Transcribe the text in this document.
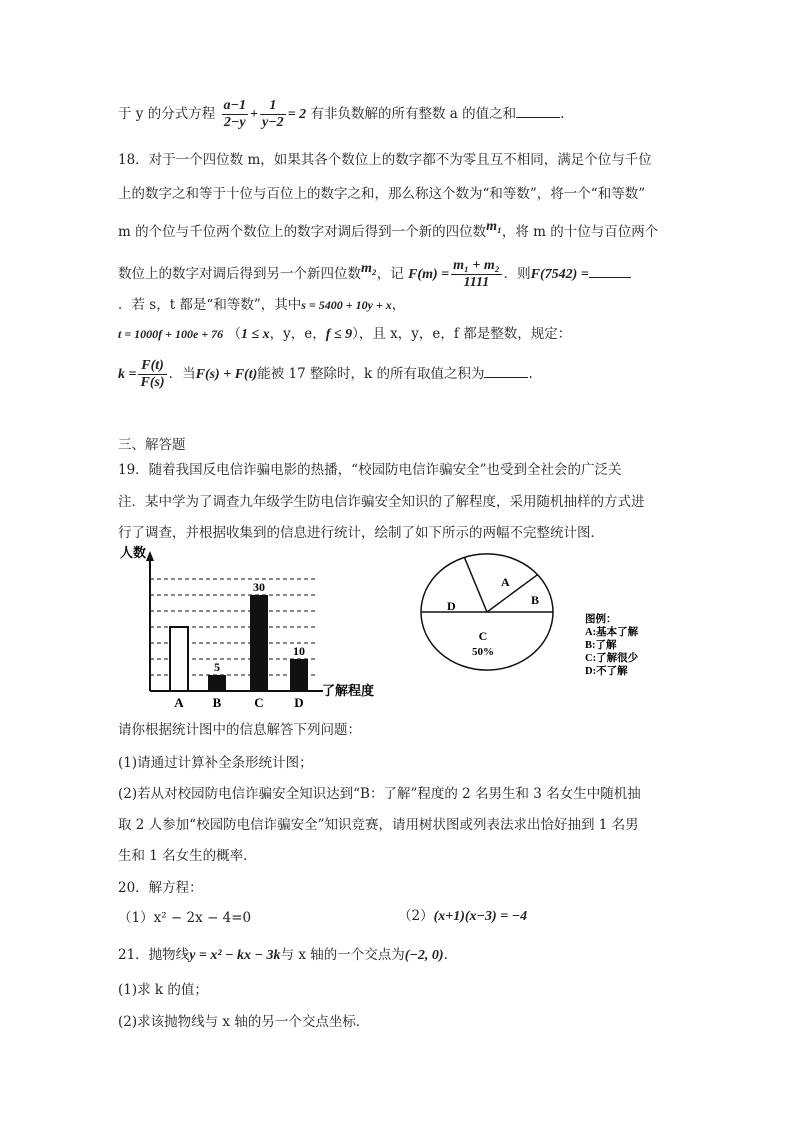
于 y 的分式方程 $\frac{a-1}{2-y} + \frac{1}{y-2} = 2$ 有非负数解的所有整数 a 的值之和	.
18．对于一个四位数 m，如果其各个数位上的数字都不为零且互不相同，满足个位与千位
上的数字之和等于十位与百位上的数字之和，那么称这个数为“和等数”，将一个“和等数”
m 的个位与千位两个数位上的数字对调后得到一个新的四位数m₁，将 m 的十位与百位两个
数位上的数字对调后得到另一个新四位数m₂，记 $F(m) = \frac{\text{m₁ + m₂}}{1111}$ ．则F(7542) =
．若 s，t 都是“和等数”，其中s = 5400 + 10y + x，
t = 1000f + 100e + 76 （1 ≤ x，y，e，f ≤ 9），且 x，y，e，f 都是整数，规定：
$k = \frac{F(t)}{F(s)}$ ．当F(s) + F(t)能被 17 整除时，k 的所有取值之积为	.
三、解答题
19．随着我国反电信诈骗电影的热播，“校园防电信诈骗安全”也受到全社会的广泛关
注．某中学为了调查九年级学生防电信诈骗安全知识的了解程度，采用随机抽样的方式进
行了调查，并根据收集到的信息进行统计，绘制了如下所示的两幅不完整统计图．
人数
了解程度
A
5
B
30
C
10
D
A
B
C
50%
D
图例：
A:基本了解
B:了解
C:了解很少
D:不了解
请你根据统计图中的信息解答下列问题：
(1)请通过计算补全条形统计图；
(2)若从对校园防电信诈骗安全知识达到“B：了解”程度的 2 名男生和 3 名女生中随机抽
取 2 人参加“校园防电信诈骗安全”知识竞赛，请用树状图或列表法求出恰好抽到 1 名男
生和 1 名女生的概率．
20．解方程：
（1）x² − 2x − 4=0	（2）(x+1)(x−3) = −4
21．抛物线y = x² − kx − 3k与 x 轴的一个交点为(−2, 0).
(1)求 k 的值；
(2)求该抛物线与 x 轴的另一个交点坐标．
